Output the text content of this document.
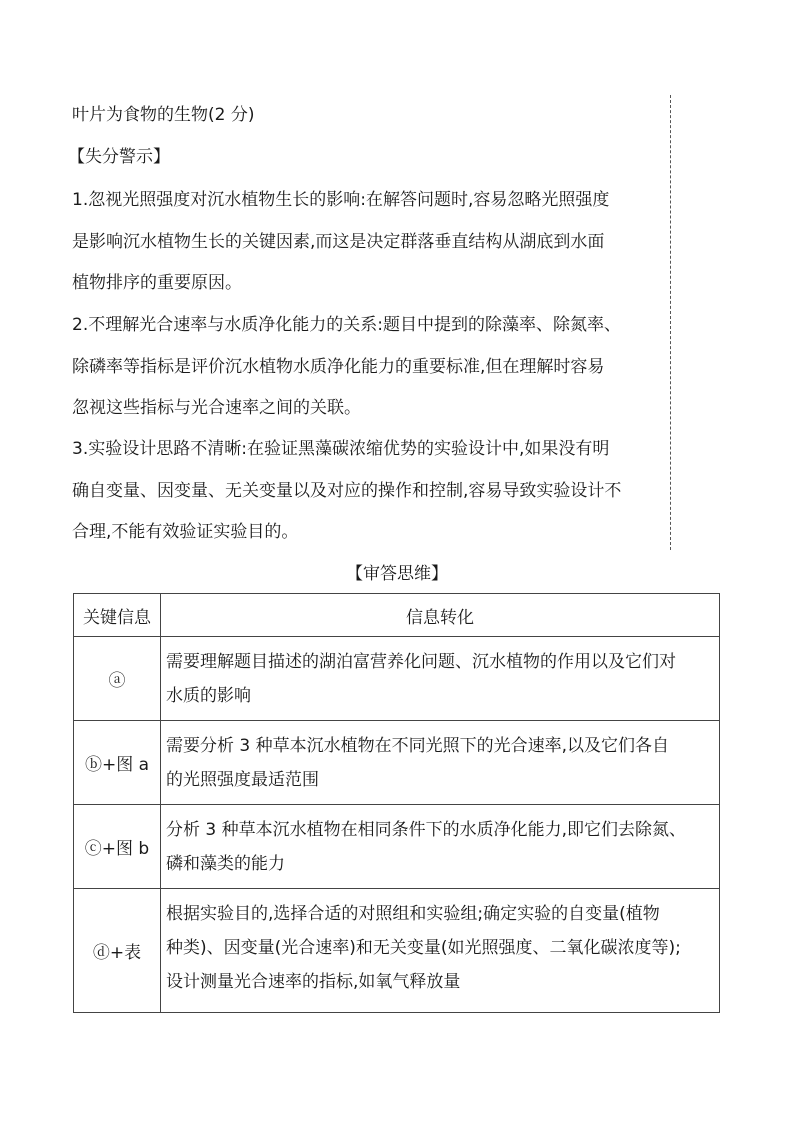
叶片为食物的生物(2 分)
【失分警示】
1.忽视光照强度对沉水植物生长的影响:在解答问题时,容易忽略光照强度
是影响沉水植物生长的关键因素,而这是决定群落垂直结构从湖底到水面
植物排序的重要原因。
2.不理解光合速率与水质净化能力的关系:题目中提到的除藻率、除氮率、
除磷率等指标是评价沉水植物水质净化能力的重要标准,但在理解时容易
忽视这些指标与光合速率之间的关联。
3.实验设计思路不清晰:在验证黑藻碳浓缩优势的实验设计中,如果没有明
确自变量、因变量、无关变量以及对应的操作和控制,容易导致实验设计不
合理,不能有效验证实验目的。
【审答思维】
关键信息	信息转化
ⓐ	需要理解题目描述的湖泊富营养化问题、沉水植物的作用以及它们对
水质的影响

ⓑ+图 a	需要分析 3 种草本沉水植物在不同光照下的光合速率,以及它们各自
的光照强度最适范围

ⓒ+图 b	分析 3 种草本沉水植物在相同条件下的水质净化能力,即它们去除氮、
磷和藻类的能力

ⓓ+表	根据实验目的,选择合适的对照组和实验组;确定实验的自变量(植物
种类)、因变量(光合速率)和无关变量(如光照强度、二氧化碳浓度等);
设计测量光合速率的指标,如氧气释放量
